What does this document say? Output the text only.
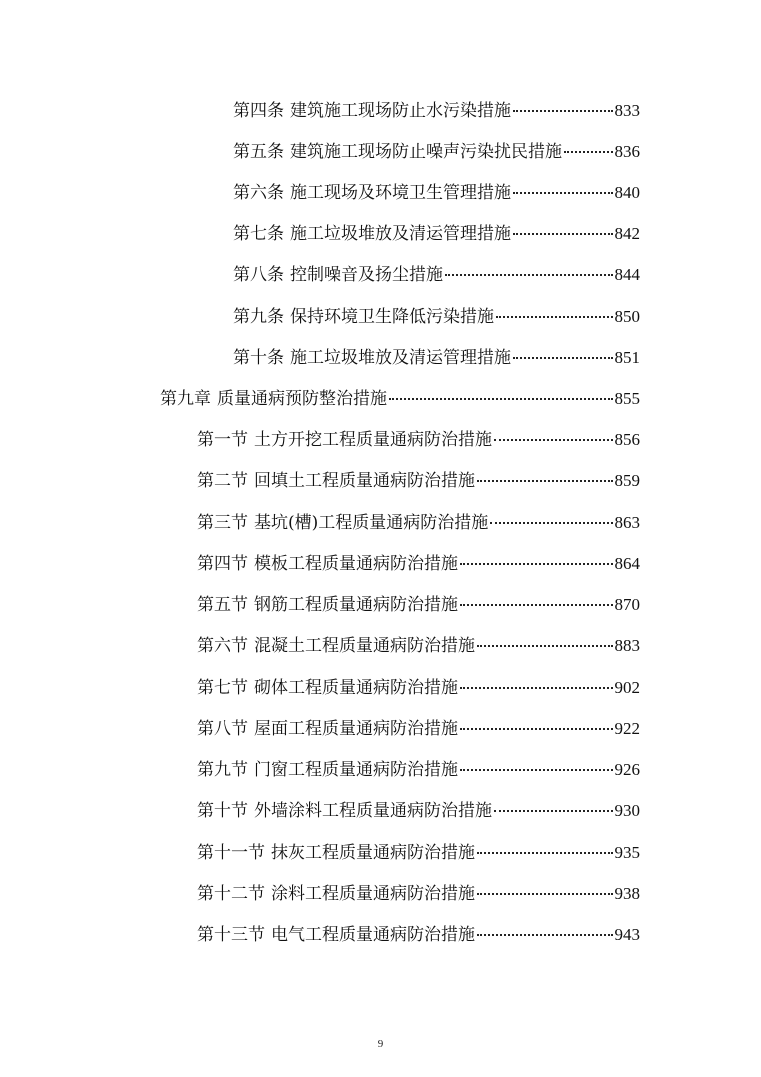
第四条 建筑施工现场防止水污染措施	833
第五条 建筑施工现场防止噪声污染扰民措施	836
第六条 施工现场及环境卫生管理措施	840
第七条 施工垃圾堆放及清运管理措施	842
第八条 控制噪音及扬尘措施	844
第九条 保持环境卫生降低污染措施	850
第十条 施工垃圾堆放及清运管理措施	851
第九章 质量通病预防整治措施	855
第一节 土方开挖工程质量通病防治措施	856
第二节 回填土工程质量通病防治措施	859
第三节 基坑(槽)工程质量通病防治措施	863
第四节 模板工程质量通病防治措施	864
第五节 钢筋工程质量通病防治措施	870
第六节 混凝土工程质量通病防治措施	883
第七节 砌体工程质量通病防治措施	902
第八节 屋面工程质量通病防治措施	922
第九节 门窗工程质量通病防治措施	926
第十节 外墙涂料工程质量通病防治措施	930
第十一节 抹灰工程质量通病防治措施	935
第十二节 涂料工程质量通病防治措施	938
第十三节 电气工程质量通病防治措施	943
9
